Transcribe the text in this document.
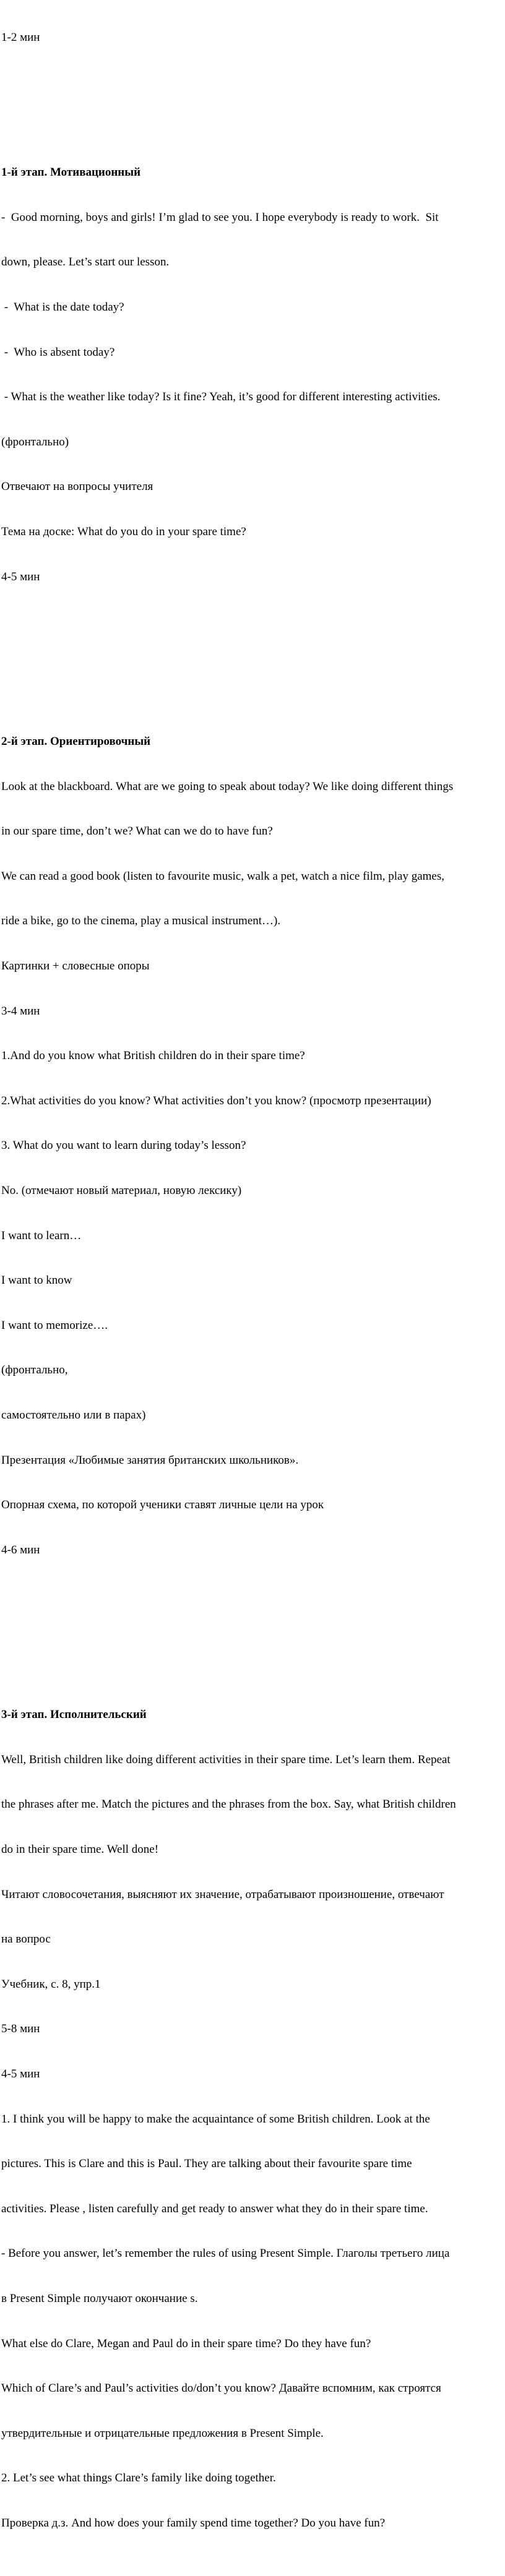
1-2 мин

1-й этап. Мотивационный

-  Good morning, boys and girls! I’m glad to see you. I hope everybody is ready to work.  Sit

down, please. Let’s start our lesson.

-  What is the date today?

-  Who is absent today?

- What is the weather like today? Is it fine? Yeah, it’s good for different interesting activities.

(фронтально)

Отвечают на вопросы учителя

Тема на доске: What do you do in your spare time?

4-5 мин

2-й этап. Ориентировочный

Look at the blackboard. What are we going to speak about today? We like doing different things

in our spare time, don’t we? What can we do to have fun?

We can read a good book (listen to favourite music, walk a pet, watch a nice film, play games,

ride a bike, go to the cinema, play a musical instrument…).

Картинки + словесные опоры

3-4 мин

1.And do you know what British children do in their spare time?

2.What activities do you know? What activities don’t you know? (просмотр презентации)

3. What do you want to learn during today’s lesson?

No. (отмечают новый материал, новую лексику)

I want to learn…

I want to know

I want to memorize….

(фронтально,

самостоятельно или в парах)

Презентация «Любимые занятия британских школьников».

Опорная схема, по которой ученики ставят личные цели на урок

4-6 мин

3-й этап. Исполнительский

Well, British children like doing different activities in their spare time. Let’s learn them. Repeat

the phrases after me. Match the pictures and the phrases from the box. Say, what British children

do in their spare time. Well done!

Читают словосочетания, выясняют их значение, отрабатывают произношение, отвечают

на вопрос

Учебник, с. 8, упр.1

5-8 мин

4-5 мин

1. I think you will be happy to make the acquaintance of some British children. Look at the

pictures. This is Clare and this is Paul. They are talking about their favourite spare time

activities. Please , listen carefully and get ready to answer what they do in their spare time.

- Before you answer, let’s remember the rules of using Present Simple. Глаголы третьего лица

в Present Simple получают окончание s.

What else do Clare, Megan and Paul do in their spare time? Do they have fun?

Which of Clare’s and Paul’s activities do/don’t you know? Давайте вспомним, как строятся

утвердительные и отрицательные предложения в Present Simple.

2. Let’s see what things Clare’s family like doing together.

Проверка д.з. And how does your family spend time together? Do you have fun?
